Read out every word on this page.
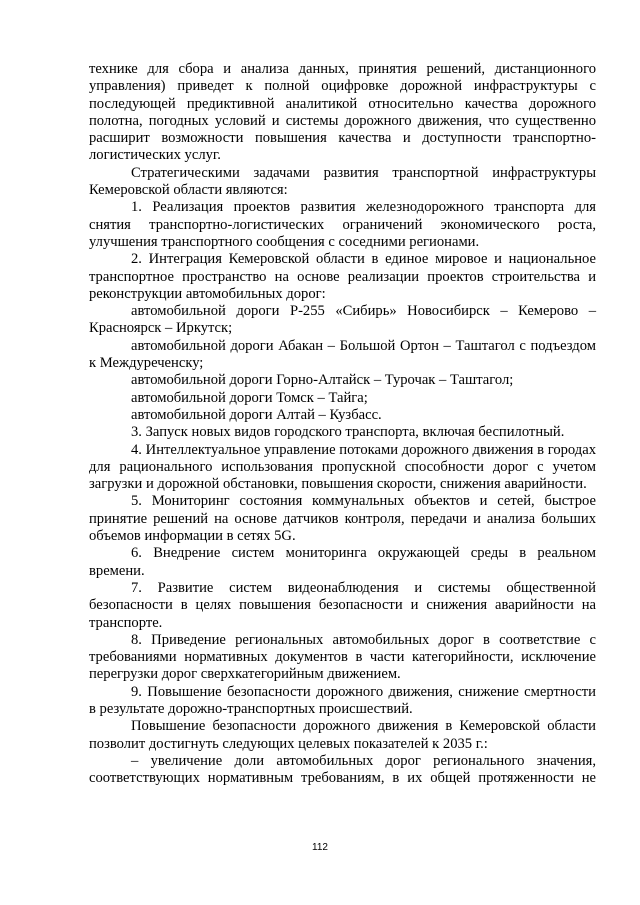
технике для сбора и анализа данных, принятия решений, дистанционного управления) приведет к полной оцифровке дорожной инфраструктуры с последующей предиктивной аналитикой относительно качества дорожного полотна, погодных условий и системы дорожного движения, что существенно расширит возможности повышения качества и доступности транспортно-логистических услуг.

Стратегическими задачами развития транспортной инфраструктуры Кемеровской области являются:

1. Реализация проектов развития железнодорожного транспорта для снятия транспортно-логистических ограничений экономического роста, улучшения транспортного сообщения с соседними регионами.

2. Интеграция Кемеровской области в единое мировое и национальное транспортное пространство на основе реализации проектов строительства и реконструкции автомобильных дорог:

автомобильной дороги Р-255 «Сибирь» Новосибирск – Кемерово – Красноярск – Иркутск;

автомобильной дороги Абакан – Большой Ортон – Таштагол с подъездом к Междуреченску;

автомобильной дороги Горно-Алтайск – Турочак – Таштагол;

автомобильной дороги Томск – Тайга;

автомобильной дороги Алтай – Кузбасс.

3. Запуск новых видов городского транспорта, включая беспилотный.

4. Интеллектуальное управление потоками дорожного движения в городах для рационального использования пропускной способности дорог с учетом загрузки и дорожной обстановки, повышения скорости, снижения аварийности.

5. Мониторинг состояния коммунальных объектов и сетей, быстрое принятие решений на основе датчиков контроля, передачи и анализа больших объемов информации в сетях 5G.

6. Внедрение систем мониторинга окружающей среды в реальном времени.

7. Развитие систем видеонаблюдения и системы общественной безопасности в целях повышения безопасности и снижения аварийности на транспорте.

8. Приведение региональных автомобильных дорог в соответствие с требованиями нормативных документов в части категорийности, исключение перегрузки дорог сверхкатегорийным движением.

9. Повышение безопасности дорожного движения, снижение смертности в результате дорожно-транспортных происшествий.

Повышение безопасности дорожного движения в Кемеровской области позволит достигнуть следующих целевых показателей к 2035 г.:

– увеличение доли автомобильных дорог регионального значения, соответствующих нормативным требованиям, в их общей протяженности не

112
